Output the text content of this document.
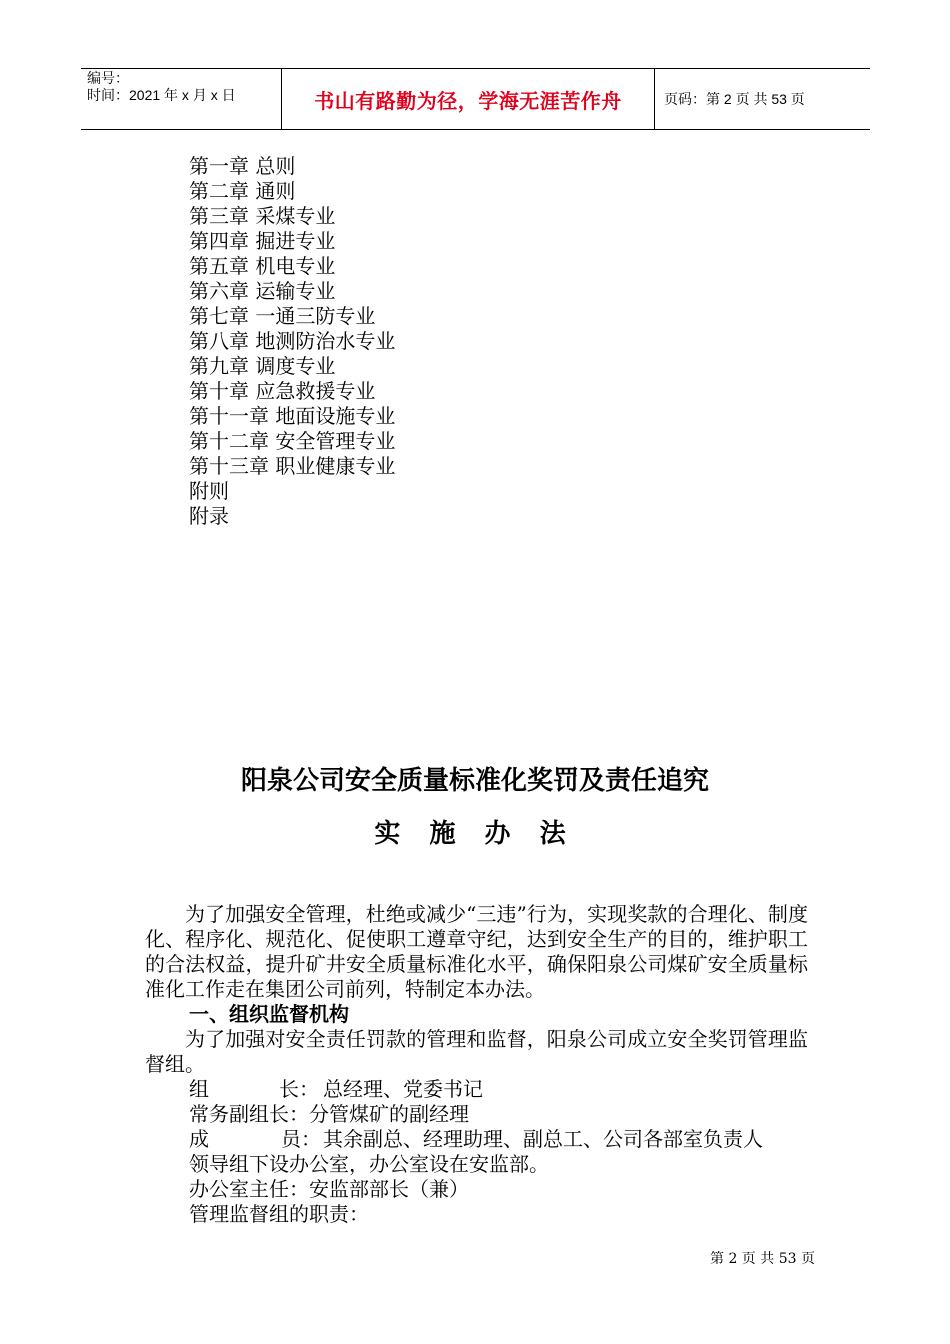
编号：
时间：2021 年 x 月 x 日	书山有路勤为径，学海无涯苦作舟	页码：第 2 页 共 53 页
第一章 总则
第二章 通则
第三章 采煤专业
第四章 掘进专业
第五章 机电专业
第六章 运输专业
第七章 一通三防专业
第八章 地测防治水专业
第九章 调度专业
第十章 应急救援专业
第十一章 地面设施专业
第十二章 安全管理专业
第十三章 职业健康专业
附则
附录
阳泉公司安全质量标准化奖罚及责任追究
实 施 办 法

为了加强安全管理，杜绝或减少“三违”行为，实现奖款的合理化、制度化、程序化、规范化、促使职工遵章守纪，达到安全生产的目的，维护职工的合法权益，提升矿井安全质量标准化水平，确保阳泉公司煤矿安全质量标准化工作走在集团公司前列，特制定本办法。

一、组织监督机构

为了加强对安全责任罚款的管理和监督，阳泉公司成立安全奖罚管理监督组。

组	长： 总经理、党委书记

常务副组长：分管煤矿的副经理

成	员： 其余副总、经理助理、副总工、公司各部室负责人

领导组下设办公室，办公室设在安监部。

办公室主任：安监部部长（兼）

管理监督组的职责：

第 2 页 共 53 页
